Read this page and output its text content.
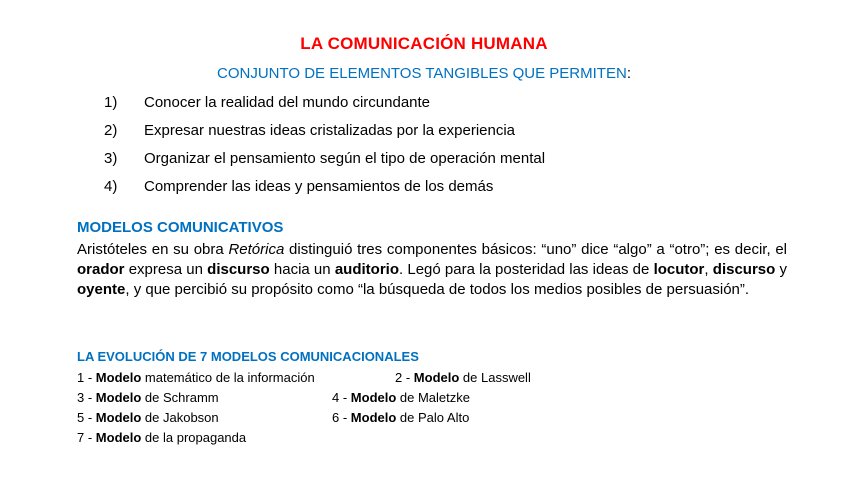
LA COMUNICACIÓN HUMANA
CONJUNTO DE ELEMENTOS TANGIBLES QUE PERMITEN:
1)	Conocer la realidad del mundo circundante
2)	Expresar nuestras ideas cristalizadas por la experiencia
3)	Organizar el pensamiento según el tipo de operación mental
4)	Comprender las ideas y pensamientos de los demás
MODELOS COMUNICATIVOS

Aristóteles en su obra Retórica distinguió tres componentes básicos: “uno” dice “algo” a “otro”; es decir, el orador expresa un discurso hacia un auditorio. Legó para la posteridad las ideas de locutor, discurso y oyente, y que percibió su propósito como “la búsqueda de todos los medios posibles de persuasión”.

LA EVOLUCIÓN DE 7 MODELOS COMUNICACIONALES
1 - Modelo matemático de la información	2 - Modelo de Lasswell
3 - Modelo de Schramm	4 - Modelo de Maletzke
5 - Modelo de Jakobson	6 - Modelo de Palo Alto
7 - Modelo de la propaganda
